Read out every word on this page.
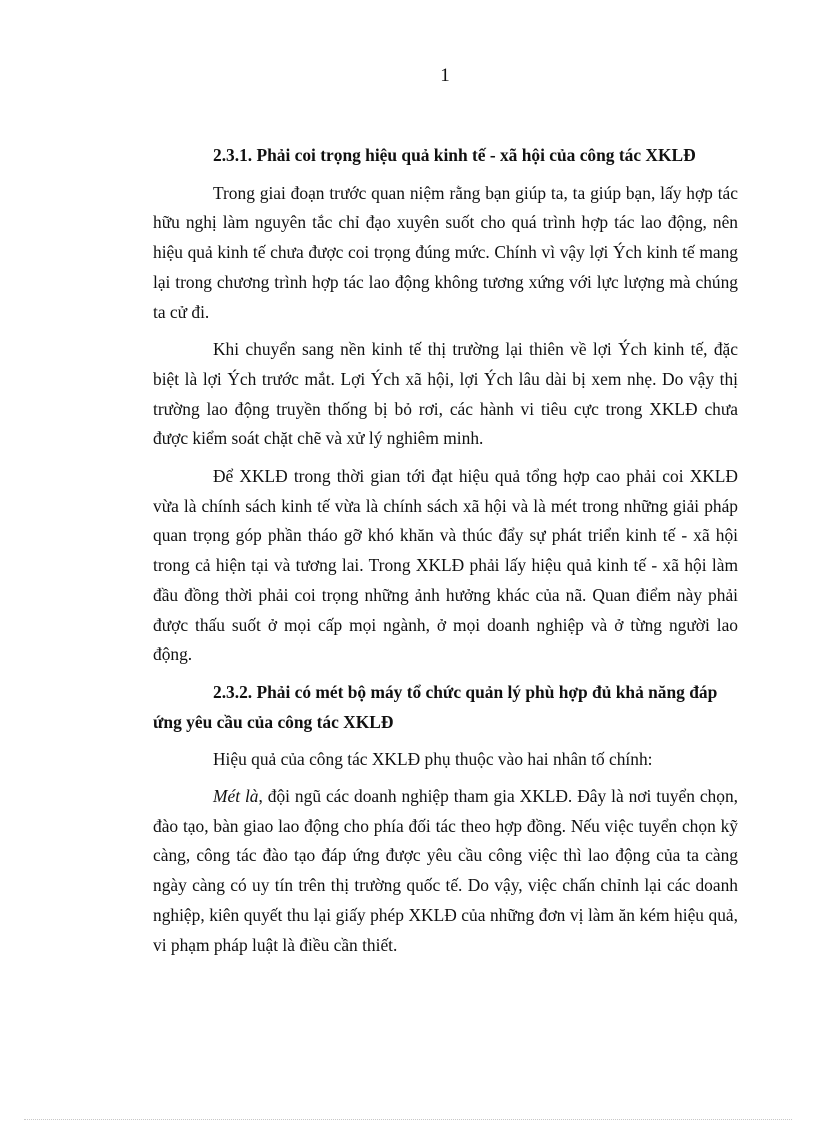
1
2.3.1. Phải coi trọng hiệu quả kinh tế - xã hội của công tác XKLĐ

Trong giai đoạn trước quan niệm rằng bạn giúp ta, ta giúp bạn, lấy hợp tác hữu nghị làm nguyên tắc chỉ đạo xuyên suốt cho quá trình hợp tác lao động, nên hiệu quả kinh tế chưa được coi trọng đúng mức. Chính vì vậy lợi Ých kinh tế mang lại trong chương trình hợp tác lao động không tương xứng với lực lượng mà chúng ta cử đi.

Khi chuyển sang nền kinh tế thị trường lại thiên về lợi Ých kinh tế, đặc biệt là lợi Ých trước mắt. Lợi Ých xã hội, lợi Ých lâu dài bị xem nhẹ. Do vậy thị trường lao động truyền thống bị bỏ rơi, các hành vi tiêu cực trong XKLĐ chưa được kiểm soát chặt chẽ và xử lý nghiêm minh.

Để XKLĐ trong thời gian tới đạt hiệu quả tổng hợp cao phải coi XKLĐ vừa là chính sách kinh tế vừa là chính sách xã hội và là mét trong những giải pháp quan trọng góp phần tháo gỡ khó khăn và thúc đẩy sự phát triển kinh tế - xã hội trong cả hiện tại và tương lai. Trong XKLĐ phải lấy hiệu quả kinh tế - xã hội làm đầu đồng thời phải coi trọng những ảnh hưởng khác của nã. Quan điểm này phải được thấu suốt ở mọi cấp mọi ngành, ở mọi doanh nghiệp và ở từng người lao động.

2.3.2. Phải có mét bộ máy tổ chức quản lý phù hợp đủ khả năng đáp ứng yêu cầu của công tác XKLĐ

Hiệu quả của công tác XKLĐ phụ thuộc vào hai nhân tố chính:

Mét là, đội ngũ các doanh nghiệp tham gia XKLĐ. Đây là nơi tuyển chọn, đào tạo, bàn giao lao động cho phía đối tác theo hợp đồng. Nếu việc tuyển chọn kỹ càng, công tác đào tạo đáp ứng được yêu cầu công việc thì lao động của ta càng ngày càng có uy tín trên thị trường quốc tế. Do vậy, việc chấn chỉnh lại các doanh nghiệp, kiên quyết thu lại giấy phép XKLĐ của những đơn vị làm ăn kém hiệu quả, vi phạm pháp luật là điều cần thiết.
